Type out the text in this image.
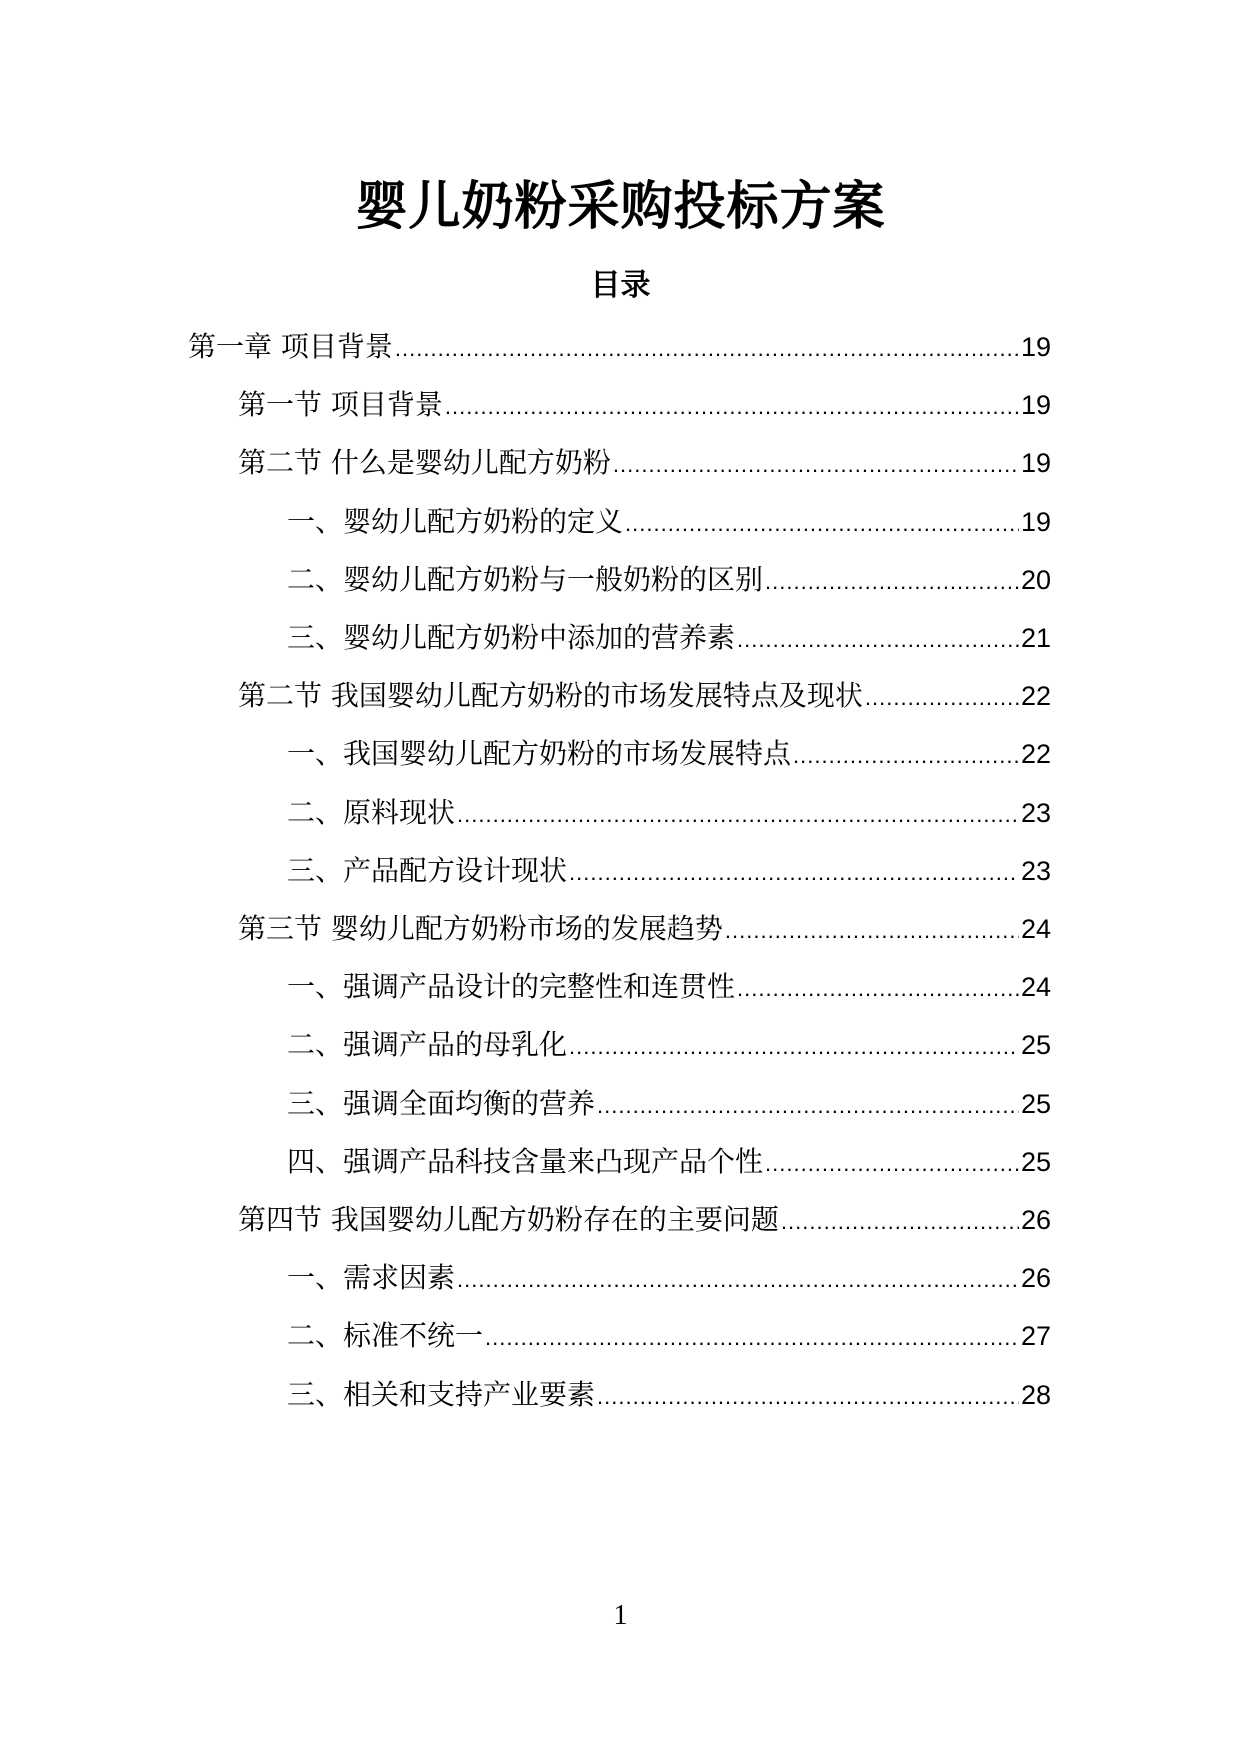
婴儿奶粉采购投标方案
目录
第一章 项目背景 .....	19
第一节 项目背景 .....	19
第二节 什么是婴幼儿配方奶粉 .....	19
一、婴幼儿配方奶粉的定义 .....	19
二、婴幼儿配方奶粉与一般奶粉的区别 .....	20
三、婴幼儿配方奶粉中添加的营养素 .....	21
第二节 我国婴幼儿配方奶粉的市场发展特点及现状 .....	22
一、我国婴幼儿配方奶粉的市场发展特点 .....	22
二、原料现状 .....	23
三、产品配方设计现状 .....	23
第三节 婴幼儿配方奶粉市场的发展趋势 .....	24
一、强调产品设计的完整性和连贯性 .....	24
二、强调产品的母乳化 .....	25
三、强调全面均衡的营养 .....	25
四、强调产品科技含量来凸现产品个性 .....	25
第四节 我国婴幼儿配方奶粉存在的主要问题 .....	26
一、需求因素 .....	26
二、标准不统一 .....	27
三、相关和支持产业要素 .....	28
1
